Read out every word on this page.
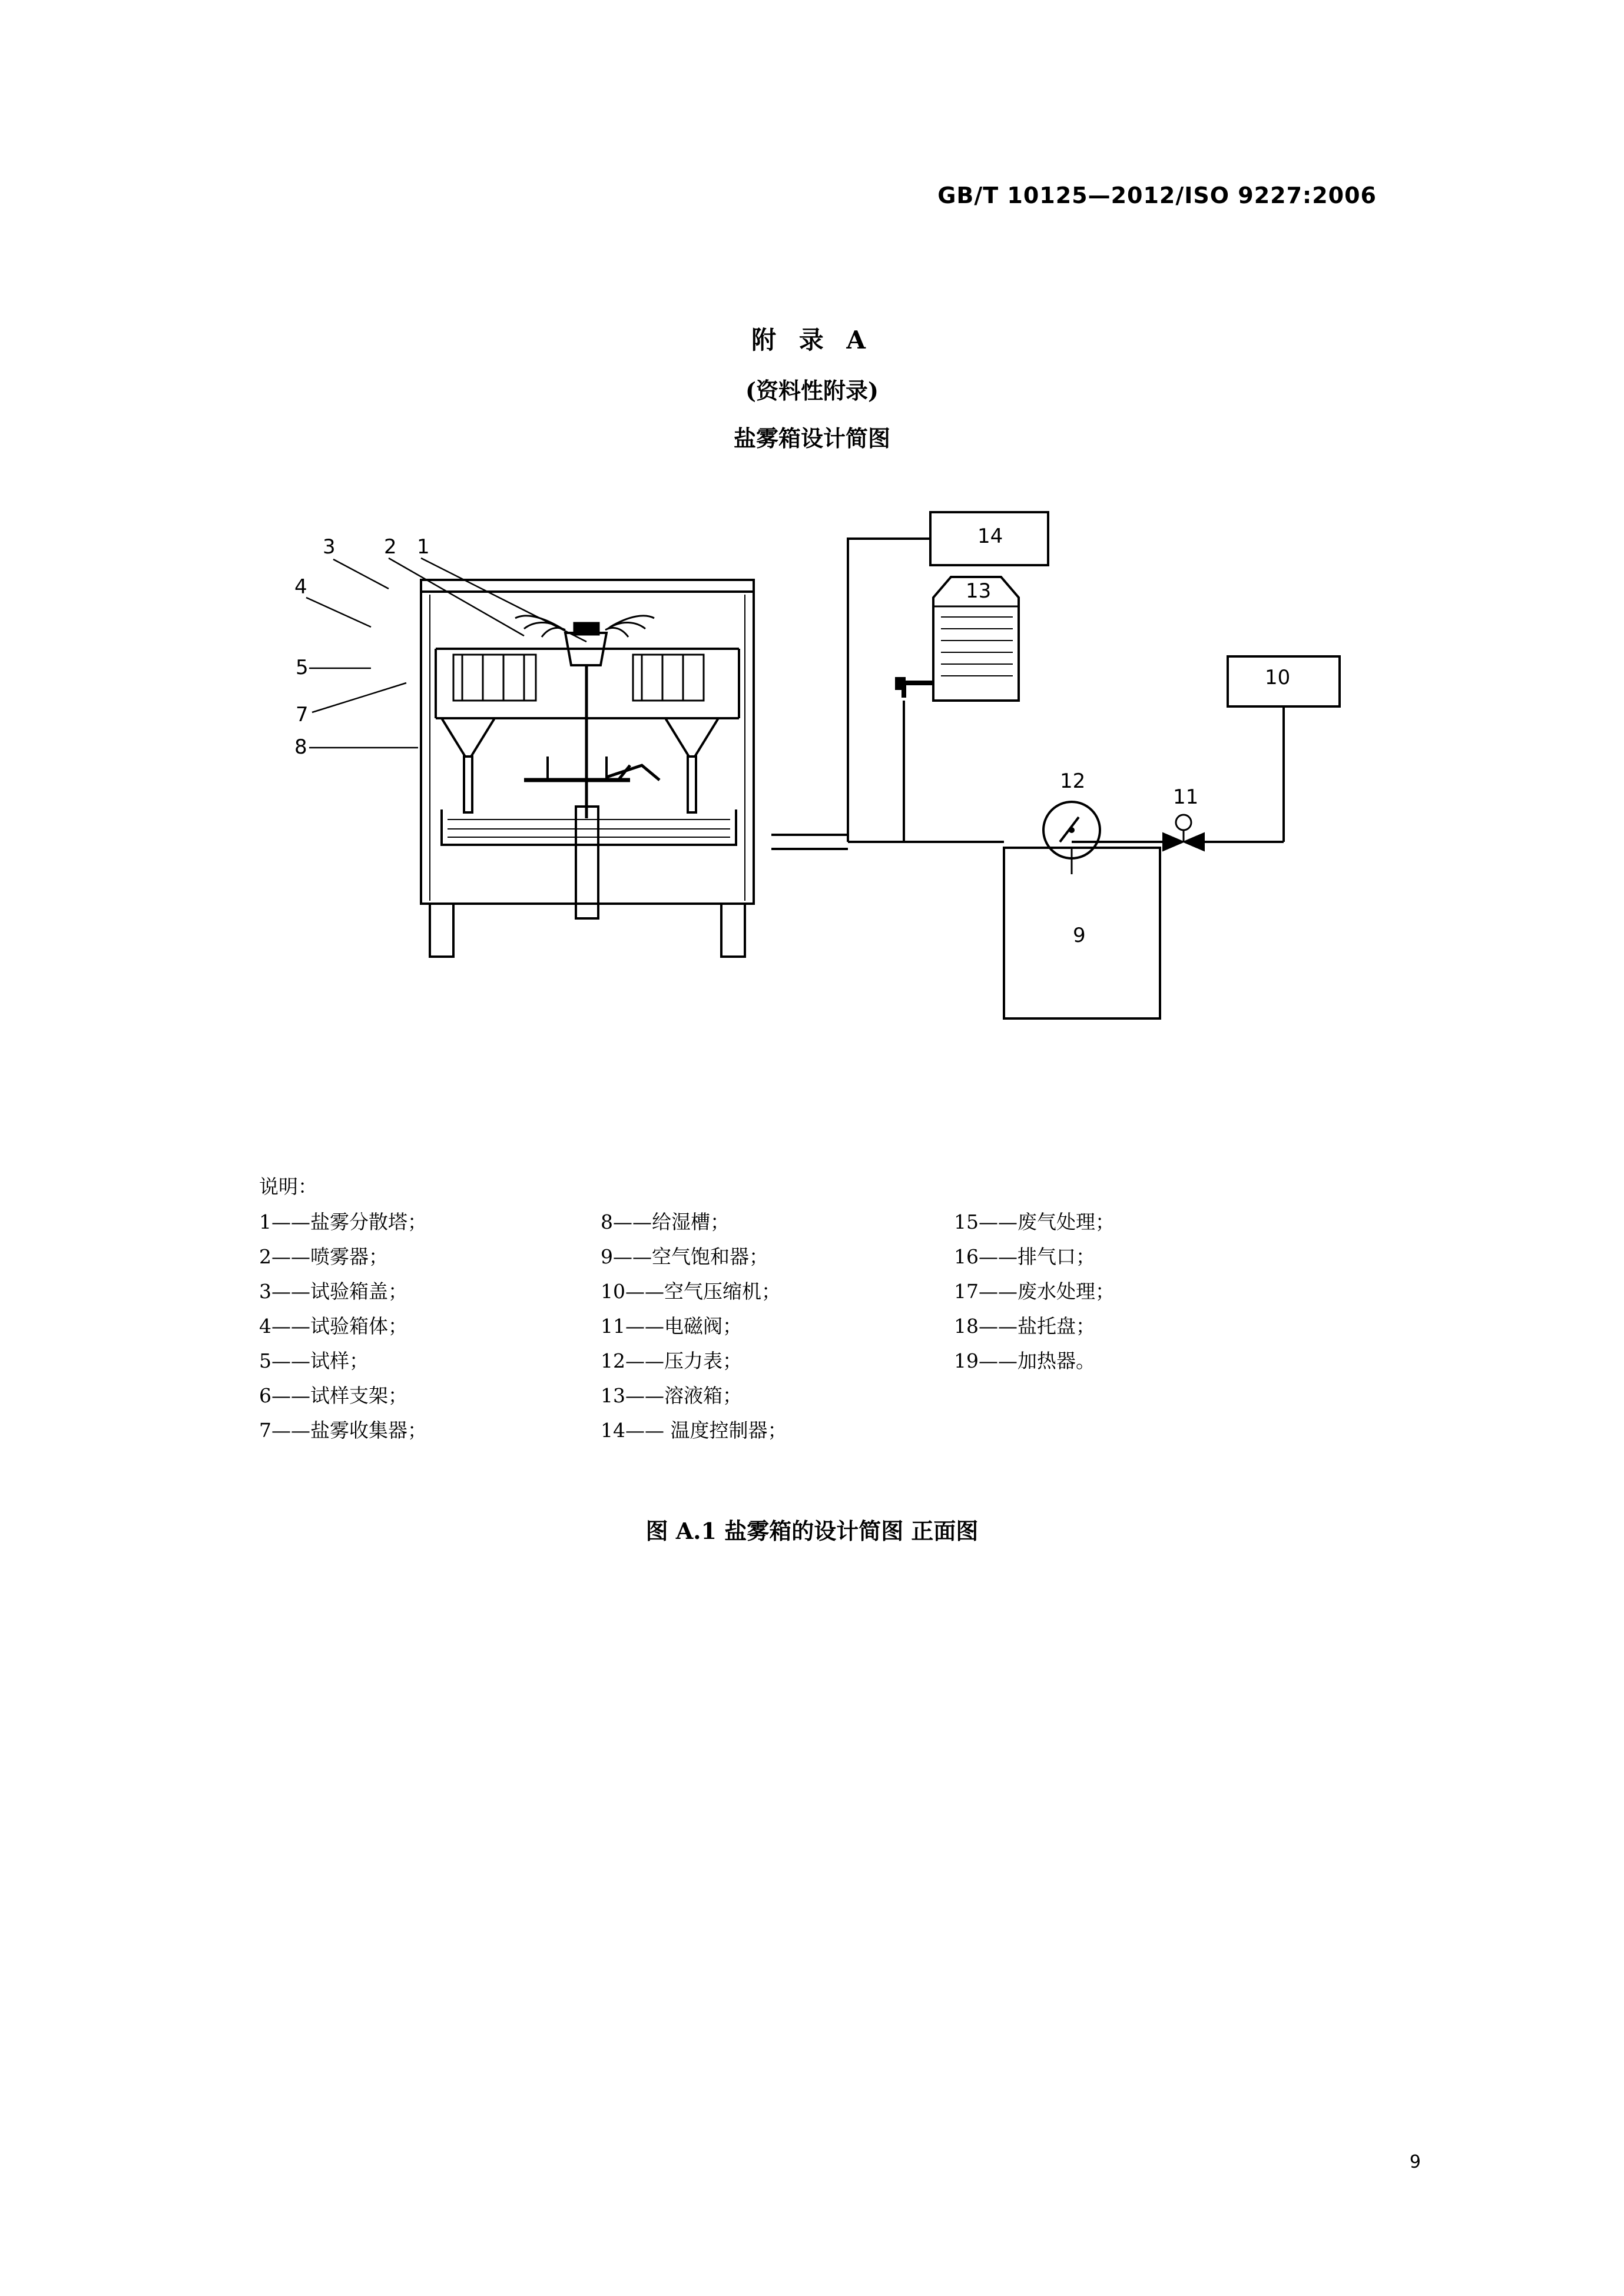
GB/T 10125—2012/ISO 9227:2006
附 录 A
(资料性附录)
盐雾箱设计简图
3
4
5
7
8
2 1	14
13
10
12
11
9
说明：
1——盐雾分散塔；
2——喷雾器；
3——试验箱盖；
4——试验箱体；
5——试样；
6——试样支架；
7——盐雾收集器；
8——给湿槽；
9——空气饱和器；
10——空气压缩机；
11——电磁阀；
12——压力表；
13——溶液箱；
14—— 温度控制器；
15——废气处理；
16——排气口；
17——废水处理；
18——盐托盘；
19——加热器。
图 A.1 盐雾箱的设计简图 正面图
9
